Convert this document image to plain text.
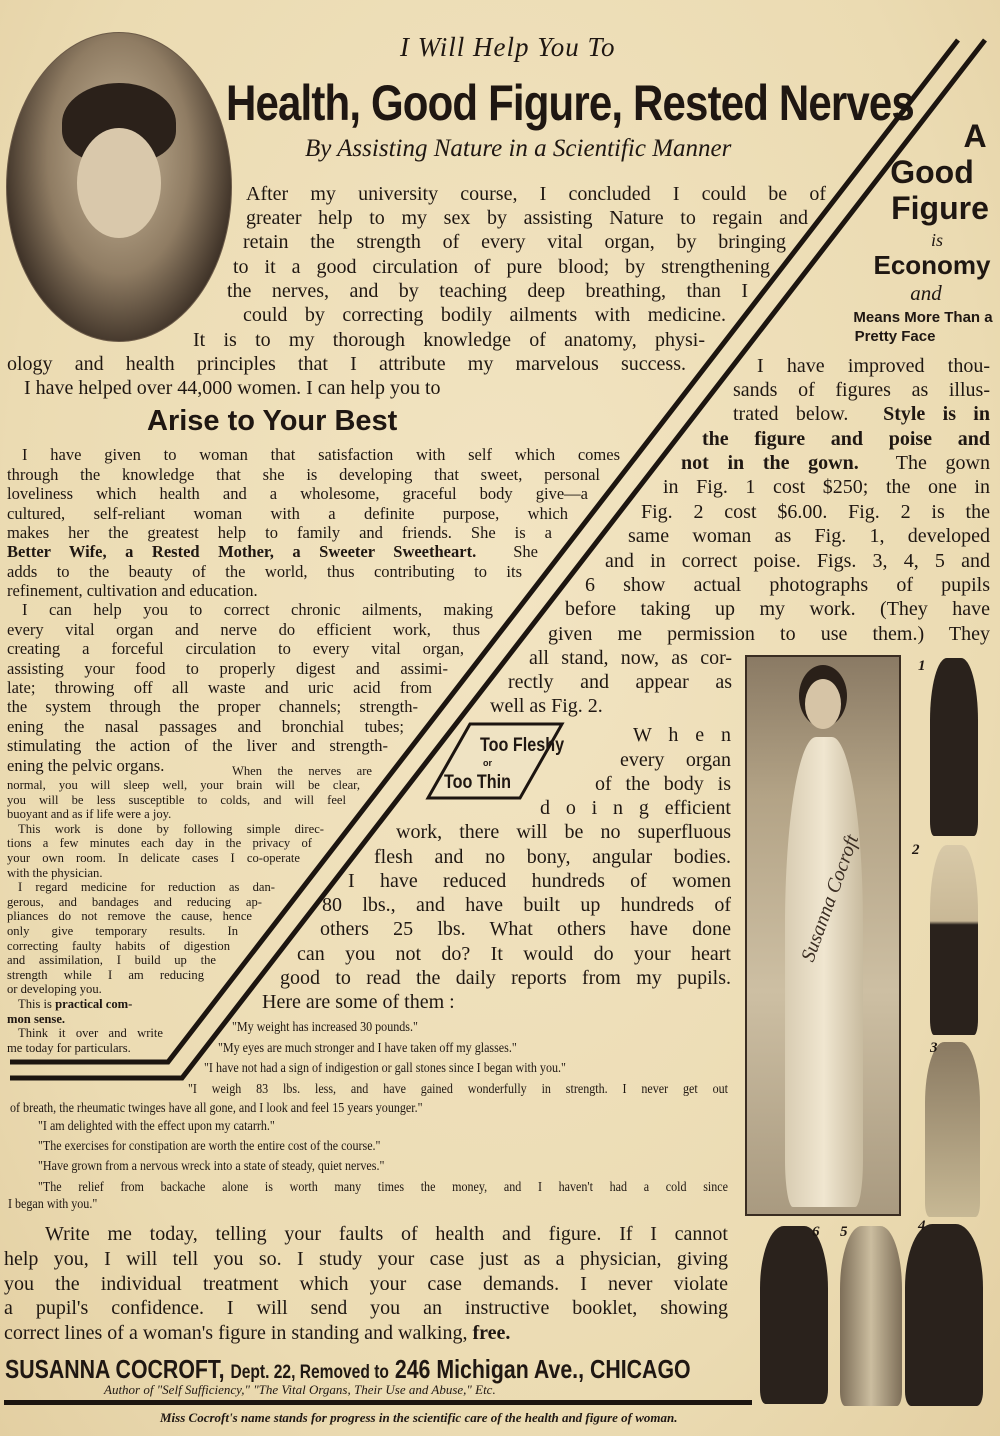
I Will Help You To
Health, Good Figure, Rested Nerves
By Assisting Nature in a Scientific Manner	A
Good
Figure
is
Economy
and
Means More Than a
Pretty Face
Arise to Your Best
Too Fleshy
or
Too Thin
Susanna Cocroft
1
2
3
4
5
6
After my university course, I concluded I could be of
greater help to my sex by assisting Nature to regain and
retain the strength of every vital organ, by bringing
to it a good circulation of pure blood; by strengthening
the nerves, and by teaching deep breathing, than I
could by correcting bodily ailments with medicine.
It is to my thorough knowledge of anatomy, physi-
ology and health principles that I attribute my marvelous success.
I have helped over 44,000 women. I can help you to
I have given to woman that satisfaction with self which comes
through the knowledge that she is developing that sweet, personal
loveliness which health and a wholesome, graceful body give—a
cultured, self-reliant woman with a definite purpose, which
makes her the greatest help to family and friends. She is a
Better Wife, a Rested Mother, a Sweeter Sweetheart.  She
adds to the beauty of the world, thus contributing to its
refinement, cultivation and education.
I can help you to correct chronic ailments, making
every vital organ and nerve do efficient work, thus
creating a forceful circulation to every vital organ,
assisting your food to properly digest and assimi-
late; throwing off all waste and uric acid from
the system through the proper channels; strength-
ening the nasal passages and bronchial tubes;
stimulating the action of the liver and strength-
ening the pelvic organs.	When the nerves are
normal, you will sleep well, your brain will be clear,
you will be less susceptible to colds, and will feel
buoyant and as if life were a joy.
This work is done by following simple direc-
tions a few minutes each day in the privacy of
your own room. In delicate cases I co-operate
with the physician.
I regard medicine for reduction as dan-
gerous, and bandages and reducing ap-
pliances do not remove the cause, hence
only give temporary results. In
correcting faulty habits of digestion
and assimilation, I build up the
strength while I am reducing
or developing you.
This is practical com-
mon sense.
Think it over and write
me today for particulars.
I have improved thou-
sands of figures as illus-
trated below.  Style is in
the figure and poise and
not in the gown.  The gown
in Fig. 1 cost $250; the one in
Fig. 2 cost $6.00. Fig. 2 is the
same woman as Fig. 1, developed
and in correct poise. Figs. 3, 4, 5 and
6 show actual photographs of pupils
before taking up my work. (They have
given me permission to use them.) They
all stand, now, as cor-
rectly and appear as
well as Fig. 2.
W h e n
every organ
of the body is
d o i n g efficient
work, there will be no superfluous
flesh and no bony, angular bodies.
I have reduced hundreds of women
80 lbs., and have built up hundreds of
others 25 lbs. What others have done
can you not do? It would do your heart
good to read the daily reports from my pupils.
Here are some of them :
"My weight has increased 30 pounds."
"My eyes are much stronger and I have taken off my glasses."
"I have not had a sign of indigestion or gall stones since I began with you."
"I weigh 83 lbs. less, and have gained wonderfully in strength. I never get out
of breath, the rheumatic twinges have all gone, and I look and feel 15 years younger."
"I am delighted with the effect upon my catarrh."
"The exercises for constipation are worth the entire cost of the course."
"Have grown from a nervous wreck into a state of steady, quiet nerves."
"The relief from backache alone is worth many times the money, and I haven't had a cold since
I began with you."
Write me today, telling your faults of health and figure. If I cannot
help you, I will tell you so. I study your case just as a physician, giving
you the individual treatment which your case demands. I never violate
a pupil's confidence. I will send you an instructive booklet, showing
correct lines of a woman's figure in standing and walking, free.
SUSANNA COCROFT, Dept. 22, Removed to 246 Michigan Ave., CHICAGO
Author of "Self Sufficiency," "The Vital Organs, Their Use and Abuse," Etc.
Miss Cocroft's name stands for progress in the scientific care of the health and figure of woman.
